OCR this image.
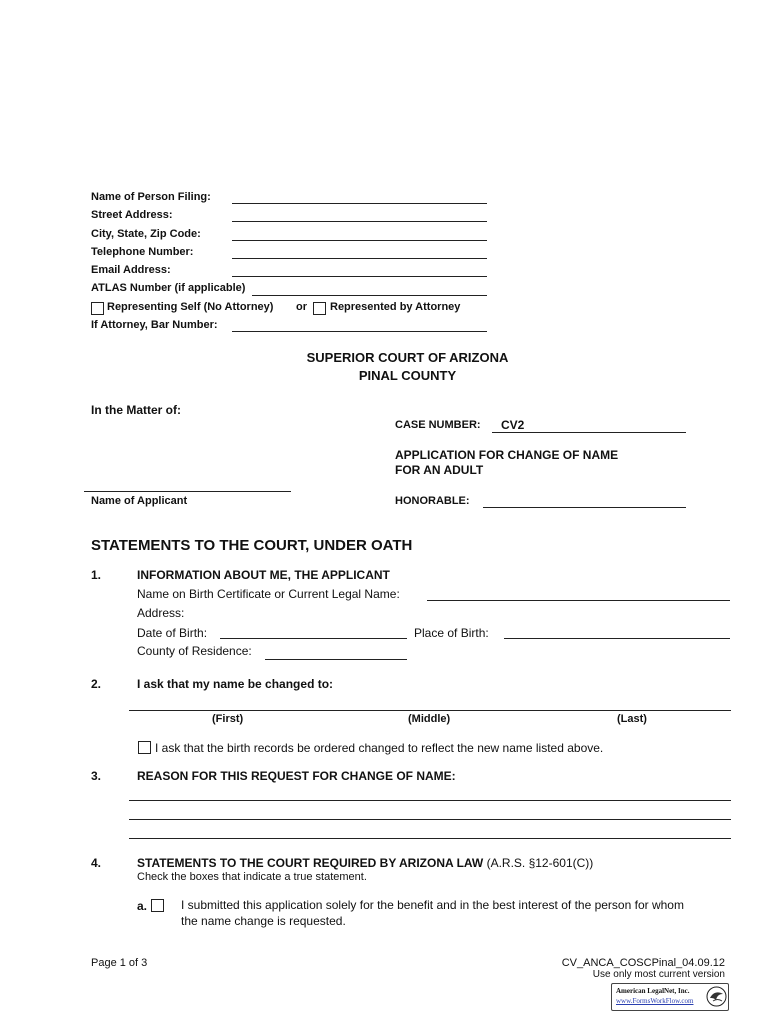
Name of Person Filing:
Street Address:
City, State, Zip Code:
Telephone Number:
Email Address:
ATLAS Number (if applicable)
Representing Self (No Attorney) or Represented by Attorney
If Attorney, Bar Number:
SUPERIOR COURT OF ARIZONA
PINAL COUNTY
In the Matter of:
CASE NUMBER: CV2
APPLICATION FOR CHANGE OF NAME
FOR AN ADULT
Name of Applicant	HONORABLE:
STATEMENTS TO THE COURT, UNDER OATH
1.	INFORMATION ABOUT ME, THE APPLICANT
Name on Birth Certificate or Current Legal Name:
Address:
Date of Birth:	Place of Birth:
County of Residence:
2.	I ask that my name be changed to:
(First)	(Middle)	(Last)
I ask that the birth records be ordered changed to reflect the new name listed above.
3.	REASON FOR THIS REQUEST FOR CHANGE OF NAME:
4.	STATEMENTS TO THE COURT REQUIRED BY ARIZONA LAW (A.R.S. §12-601(C))
Check the boxes that indicate a true statement.
a.	I submitted this application solely for the benefit and in the best interest of the person for whom
the name change is requested.
Page 1 of 3	CV_ANCA_COSCPinal_04.09.12
Use only most current version
American LegalNet, Inc.
www.FormsWorkFlow.com
